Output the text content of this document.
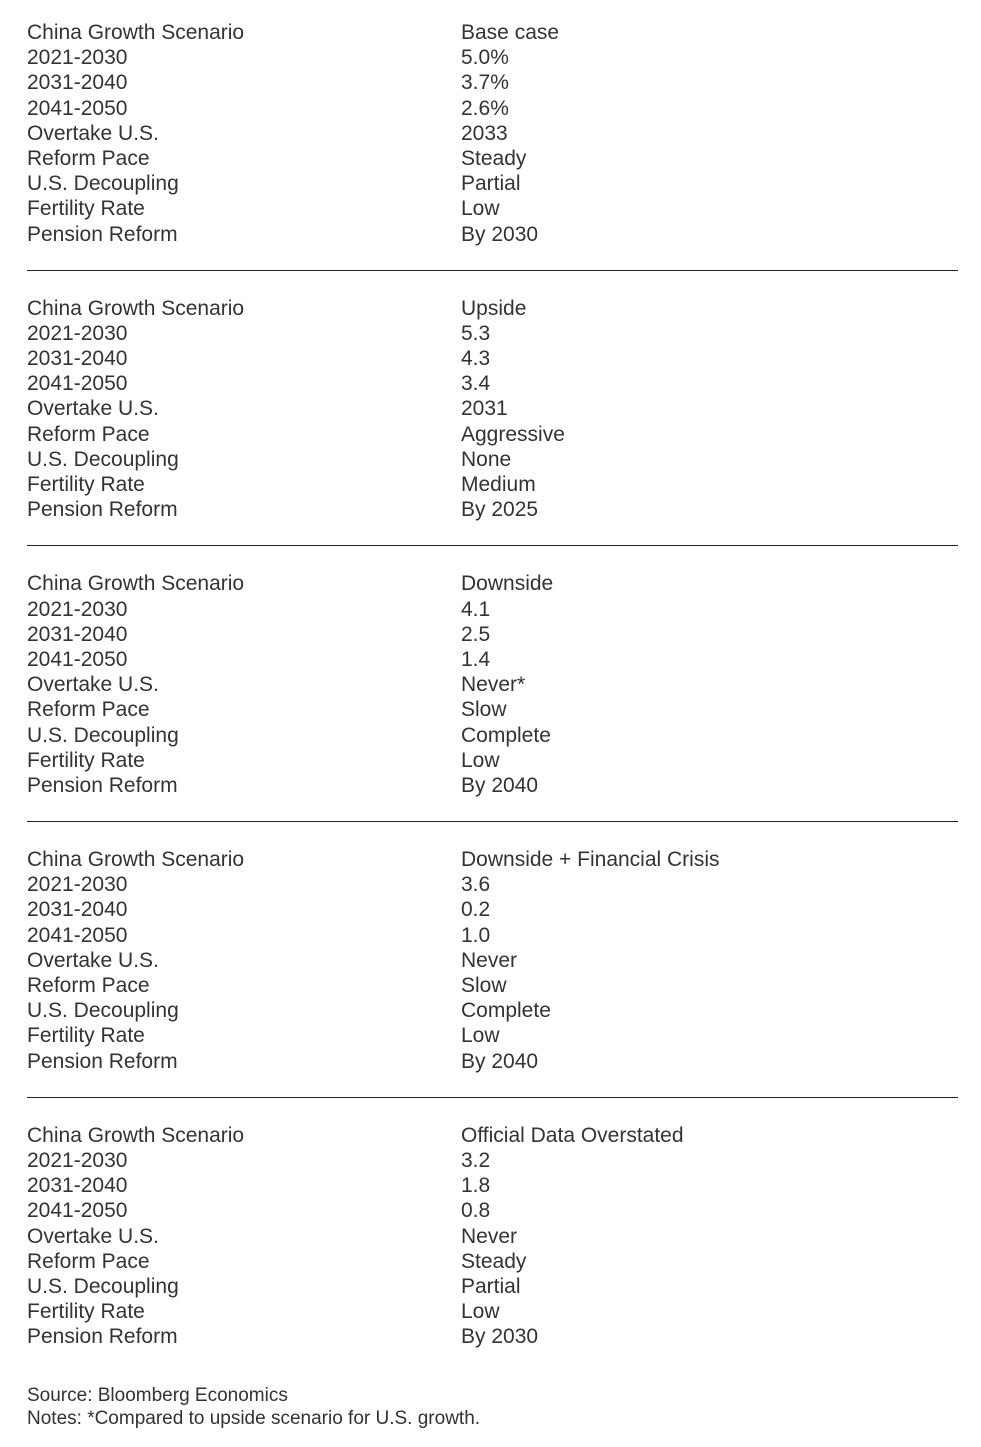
China Growth Scenario	Base case
2021-2030	5.0%
2031-2040	3.7%
2041-2050	2.6%
Overtake U.S.	2033
Reform Pace	Steady
U.S. Decoupling	Partial
Fertility Rate	Low
Pension Reform	By 2030
China Growth Scenario	Upside
2021-2030	5.3
2031-2040	4.3
2041-2050	3.4
Overtake U.S.	2031
Reform Pace	Aggressive
U.S. Decoupling	None
Fertility Rate	Medium
Pension Reform	By 2025
China Growth Scenario	Downside
2021-2030	4.1
2031-2040	2.5
2041-2050	1.4
Overtake U.S.	Never*
Reform Pace	Slow
U.S. Decoupling	Complete
Fertility Rate	Low
Pension Reform	By 2040
China Growth Scenario	Downside + Financial Crisis
2021-2030	3.6
2031-2040	0.2
2041-2050	1.0
Overtake U.S.	Never
Reform Pace	Slow
U.S. Decoupling	Complete
Fertility Rate	Low
Pension Reform	By 2040
China Growth Scenario	Official Data Overstated
2021-2030	3.2
2031-2040	1.8
2041-2050	0.8
Overtake U.S.	Never
Reform Pace	Steady
U.S. Decoupling	Partial
Fertility Rate	Low
Pension Reform	By 2030
Source: Bloomberg Economics
Notes: *Compared to upside scenario for U.S. growth.
